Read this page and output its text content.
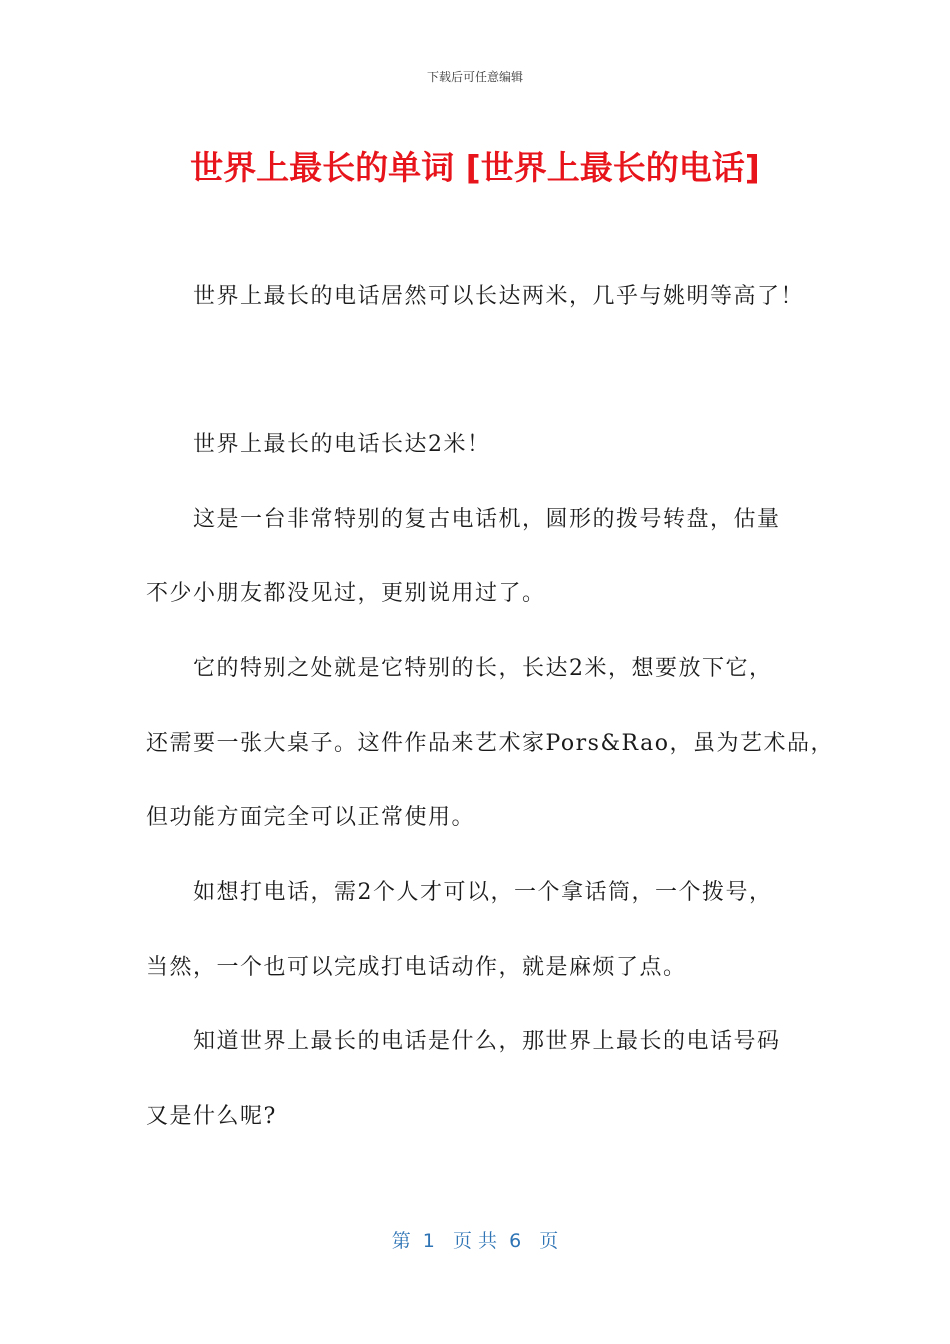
下载后可任意编辑
世界上最长的单词 [世界上最长的电话]

世界上最长的电话居然可以长达两米，几乎与姚明等高了！

世界上最长的电话长达2米！

这是一台非常特别的复古电话机，圆形的拨号转盘，估量

不少小朋友都没见过，更别说用过了。

它的特别之处就是它特别的长，长达2米，想要放下它，

还需要一张大桌子。这件作品来艺术家Pors&Rao，虽为艺术品，

但功能方面完全可以正常使用。

如想打电话，需2个人才可以，一个拿话筒，一个拨号，

当然，一个也可以完成打电话动作，就是麻烦了点。

知道世界上最长的电话是什么，那世界上最长的电话号码

又是什么呢?

第  1   页 共  6   页
